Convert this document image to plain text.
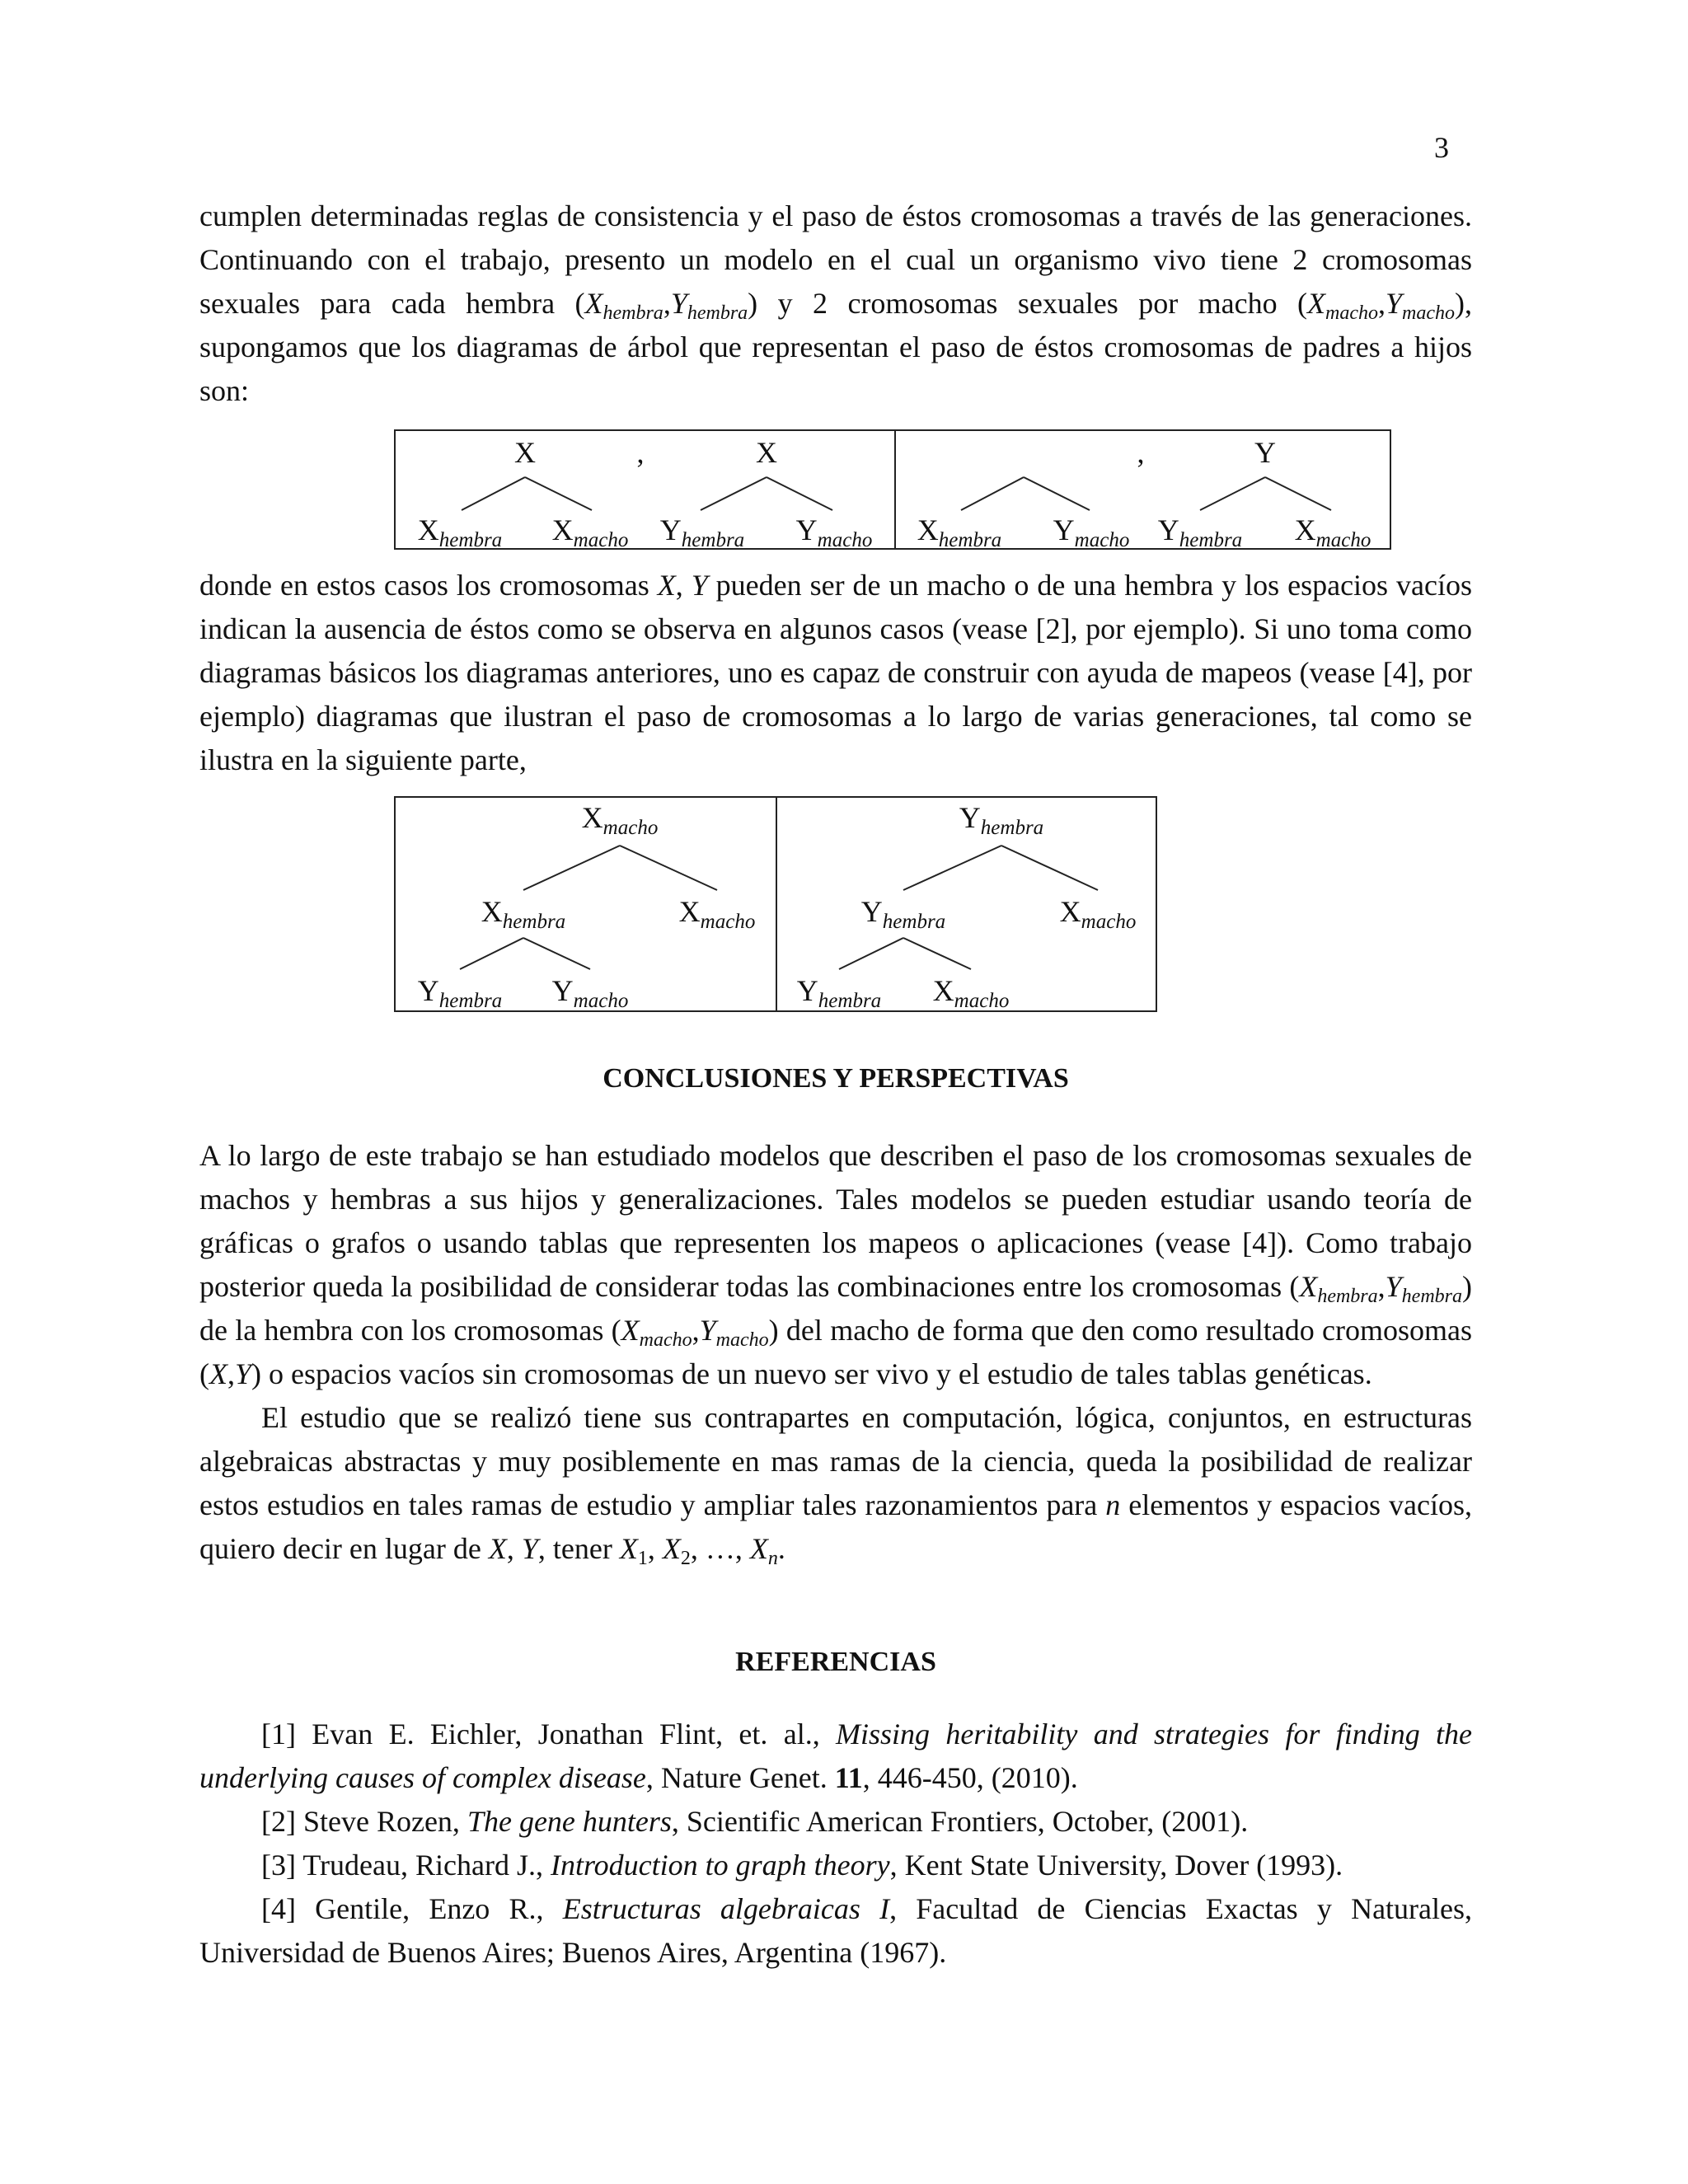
3

cumplen determinadas reglas de consistencia y el paso de éstos cromosomas a través de las generaciones. Continuando con el trabajo, presento un modelo en el cual un organismo vivo tiene 2 cromosomas sexuales para cada hembra $(X_{hembra},Y_{hembra})$ y 2 cromosomas sexuales por macho $(X_{macho},Y_{macho})$, supongamos que los diagramas de árbol que representan el paso de éstos cromosomas de padres a hijos son:

X	,	X
$X_{hembra}$ $X_{macho}$ $Y_{hembra}$ $Y_{macho}$
,	Y
$X_{hembra}$ $Y_{macho}$ $Y_{hembra}$ $X_{macho}$

donde en estos casos los cromosomas X, Y pueden ser de un macho o de una hembra y los espacios vacíos indican la ausencia de éstos como se observa en algunos casos (vease [2], por ejemplo). Si uno toma como diagramas básicos los diagramas anteriores, uno es capaz de construir con ayuda de mapeos (vease [4], por ejemplo) diagramas que ilustran el paso de cromosomas a lo largo de varias generaciones, tal como se ilustra en la siguiente parte,

$X_{macho}$
$X_{hembra}$	$X_{macho}$
$Y_{hembra}$ $Y_{macho}$
$Y_{hembra}$
$Y_{hembra}$	$X_{macho}$
$Y_{hembra}$ $X_{macho}$
CONCLUSIONES Y PERSPECTIVAS

A lo largo de este trabajo se han estudiado modelos que describen el paso de los cromosomas sexuales de machos y hembras a sus hijos y generalizaciones. Tales modelos se pueden estudiar usando teoría de gráficas o grafos o usando tablas que representen los mapeos o aplicaciones (vease [4]). Como trabajo posterior queda la posibilidad de considerar todas las combinaciones entre los cromosomas $(X_{hembra},Y_{hembra})$ de la hembra con los cromosomas $(X_{macho},Y_{macho})$ del macho de forma que den como resultado cromosomas (X,Y) o espacios vacíos sin cromosomas de un nuevo ser vivo y el estudio de tales tablas genéticas.

El estudio que se realizó tiene sus contrapartes en computación, lógica, conjuntos, en estructuras algebraicas abstractas y muy posiblemente en mas ramas de la ciencia, queda la posibilidad de realizar estos estudios en tales ramas de estudio y ampliar tales razonamientos para n elementos y espacios vacíos, quiero decir en lugar de X, Y, tener $X_1$, $X_2$, …, $X_n$.

REFERENCIAS

[1] Evan E. Eichler, Jonathan Flint, et. al., Missing heritability and strategies for finding the underlying causes of complex disease, Nature Genet. 11, 446-450, (2010).

[2] Steve Rozen, The gene hunters, Scientific American Frontiers, October, (2001).

[3] Trudeau, Richard J., Introduction to graph theory, Kent State University, Dover (1993).

[4] Gentile, Enzo R., Estructuras algebraicas I, Facultad de Ciencias Exactas y Naturales, Universidad de Buenos Aires; Buenos Aires, Argentina (1967).
